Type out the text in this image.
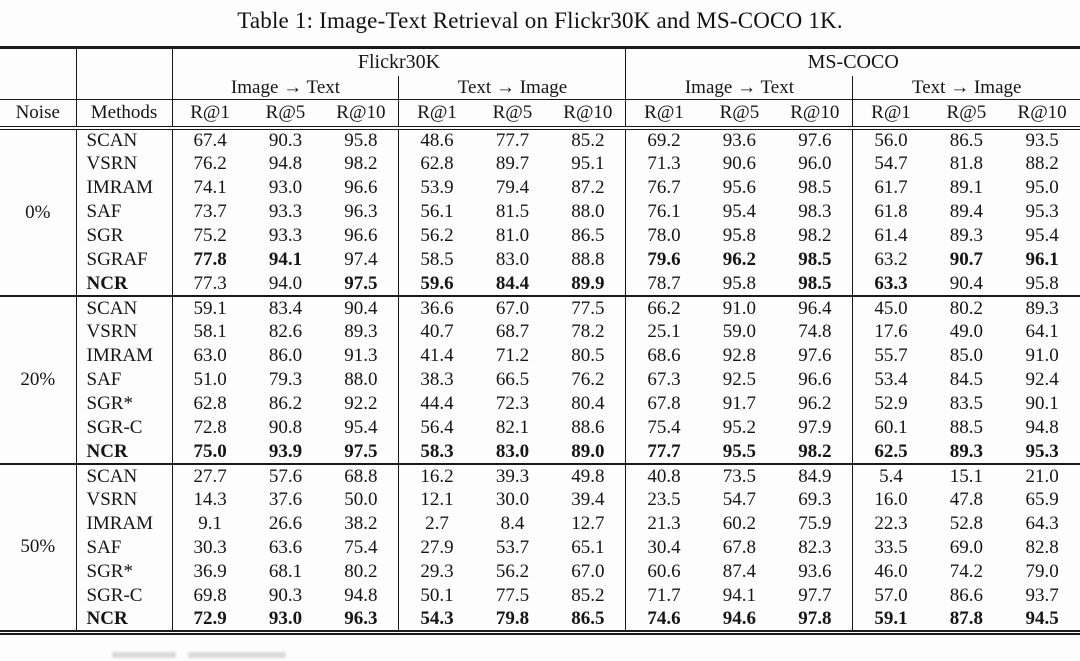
Table 1: Image-Text Retrieval on Flickr30K and MS-COCO 1K.
		Flickr30K						MS-COCO					
		Image → Text			Text → Image			Image → Text			Text → Image		
Noise	Methods	R@1	R@5	R@10	R@1	R@5	R@10	R@1	R@5	R@10	R@1	R@5	R@10
0%	SCAN	67.4	90.3	95.8	48.6	77.7	85.2	69.2	93.6	97.6	56.0	86.5	93.5
	VSRN	76.2	94.8	98.2	62.8	89.7	95.1	71.3	90.6	96.0	54.7	81.8	88.2
	IMRAM	74.1	93.0	96.6	53.9	79.4	87.2	76.7	95.6	98.5	61.7	89.1	95.0
	SAF	73.7	93.3	96.3	56.1	81.5	88.0	76.1	95.4	98.3	61.8	89.4	95.3
	SGR	75.2	93.3	96.6	56.2	81.0	86.5	78.0	95.8	98.2	61.4	89.3	95.4
	SGRAF	77.8	94.1	97.4	58.5	83.0	88.8	79.6	96.2	98.5	63.2	90.7	96.1
	NCR	77.3	94.0	97.5	59.6	84.4	89.9	78.7	95.8	98.5	63.3	90.4	95.8
20%	SCAN	59.1	83.4	90.4	36.6	67.0	77.5	66.2	91.0	96.4	45.0	80.2	89.3
	VSRN	58.1	82.6	89.3	40.7	68.7	78.2	25.1	59.0	74.8	17.6	49.0	64.1
	IMRAM	63.0	86.0	91.3	41.4	71.2	80.5	68.6	92.8	97.6	55.7	85.0	91.0
	SAF	51.0	79.3	88.0	38.3	66.5	76.2	67.3	92.5	96.6	53.4	84.5	92.4
	SGR*	62.8	86.2	92.2	44.4	72.3	80.4	67.8	91.7	96.2	52.9	83.5	90.1
	SGR-C	72.8	90.8	95.4	56.4	82.1	88.6	75.4	95.2	97.9	60.1	88.5	94.8
	NCR	75.0	93.9	97.5	58.3	83.0	89.0	77.7	95.5	98.2	62.5	89.3	95.3
50%	SCAN	27.7	57.6	68.8	16.2	39.3	49.8	40.8	73.5	84.9	5.4	15.1	21.0
	VSRN	14.3	37.6	50.0	12.1	30.0	39.4	23.5	54.7	69.3	16.0	47.8	65.9
	IMRAM	9.1	26.6	38.2	2.7	8.4	12.7	21.3	60.2	75.9	22.3	52.8	64.3
	SAF	30.3	63.6	75.4	27.9	53.7	65.1	30.4	67.8	82.3	33.5	69.0	82.8
	SGR*	36.9	68.1	80.2	29.3	56.2	67.0	60.6	87.4	93.6	46.0	74.2	79.0
	SGR-C	69.8	90.3	94.8	50.1	77.5	85.2	71.7	94.1	97.7	57.0	86.6	93.7
	NCR	72.9	93.0	96.3	54.3	79.8	86.5	74.6	94.6	97.8	59.1	87.8	94.5
